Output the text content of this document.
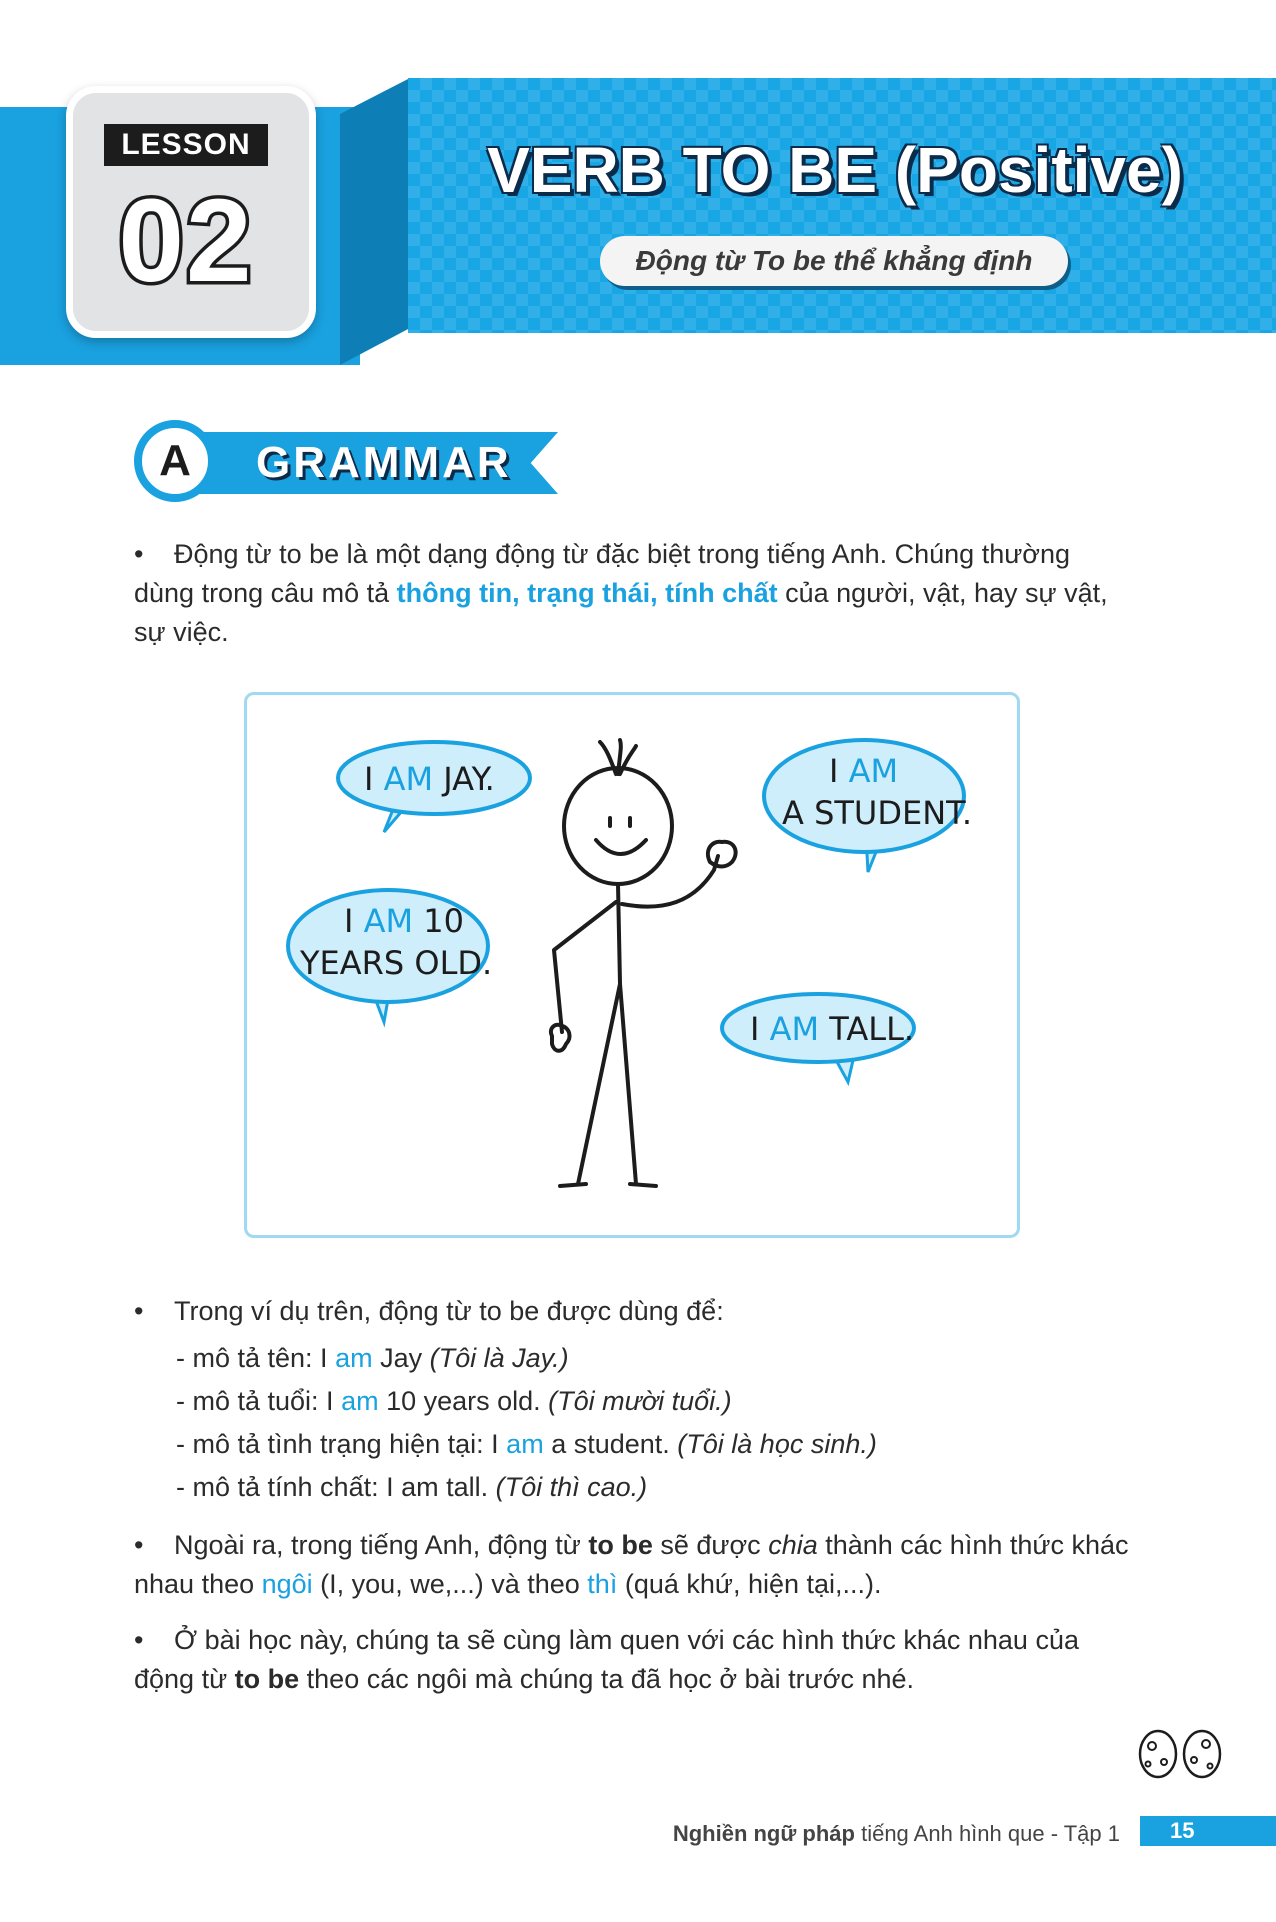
LESSON
02
VERB TO BE (Positive)
Động từ To be thể khẳng định
A	GRAMMAR
• Động từ to be là một dạng động từ đặc biệt trong tiếng Anh. Chúng thường dùng trong câu mô tả thông tin, trạng thái, tính chất của người, vật, hay sự vật, sự việc.
I AM JAY.	I AM
A STUDENT.
I AM 10
YEARS OLD.
I AM TALL.
• Trong ví dụ trên, động từ to be được dùng để:
- mô tả tên: I am Jay (Tôi là Jay.)
- mô tả tuổi: I am 10 years old. (Tôi mười tuổi.)
- mô tả tình trạng hiện tại: I am a student. (Tôi là học sinh.)
- mô tả tính chất: I am tall. (Tôi thì cao.)
• Ngoài ra, trong tiếng Anh, động từ to be sẽ được chia thành các hình thức khác nhau theo ngôi (I, you, we,...) và theo thì (quá khứ, hiện tại,...).
• Ở bài học này, chúng ta sẽ cùng làm quen với các hình thức khác nhau của động từ to be theo các ngôi mà chúng ta đã học ở bài trước nhé.
Nghiền ngữ pháp tiếng Anh hình que - Tập 1	15
